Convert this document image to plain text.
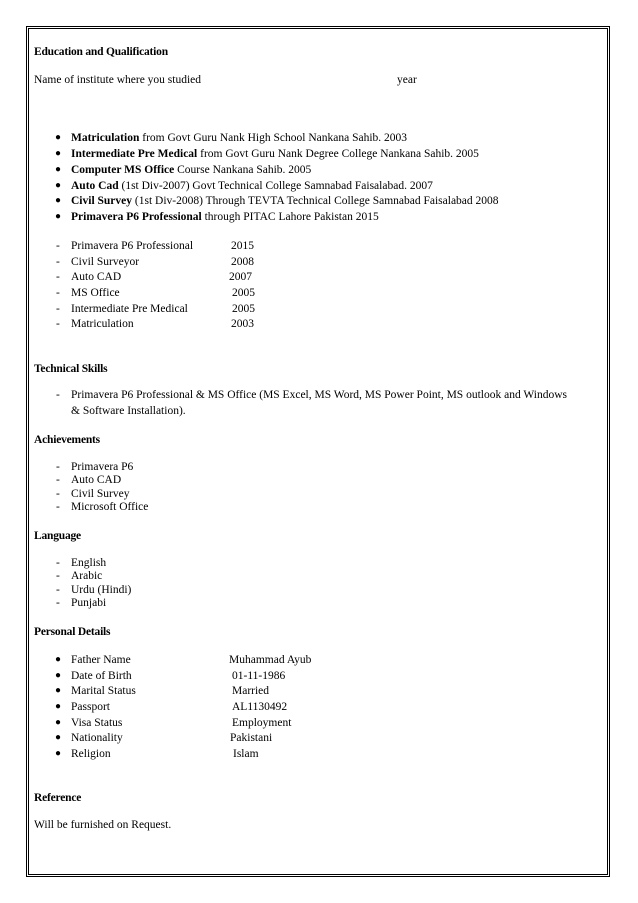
Education and Qualification
Name of institute where you studied	year
● Matriculation from Govt Guru Nank High School Nankana Sahib. 2003
● Intermediate Pre Medical from Govt Guru Nank Degree College Nankana Sahib. 2005
● Computer MS Office Course Nankana Sahib. 2005
● Auto Cad (1st Div-2007) Govt Technical College Samnabad Faisalabad. 2007
● Civil Survey (1st Div-2008) Through TEVTA Technical College Samnabad Faisalabad 2008
● Primavera P6 Professional through PITAC Lahore Pakistan 2015
- Primavera P6 Professional	2015
- Civil Surveyor	2008
- Auto CAD	2007
- MS Office	2005
- Intermediate Pre Medical	2005
- Matriculation	2003
Technical Skills
- Primavera P6 Professional & MS Office (MS Excel, MS Word, MS Power Point, MS outlook and Windows
& Software Installation).
Achievements
- Primavera P6
- Auto CAD
- Civil Survey
- Microsoft Office
Language
- English
- Arabic
- Urdu (Hindi)
- Punjabi
Personal Details
● Father Name	Muhammad Ayub
● Date of Birth	01-11-1986
● Marital Status	Married
● Passport	AL1130492
● Visa Status	Employment
● Nationality	Pakistani
● Religion	Islam
Reference
Will be furnished on Request.
